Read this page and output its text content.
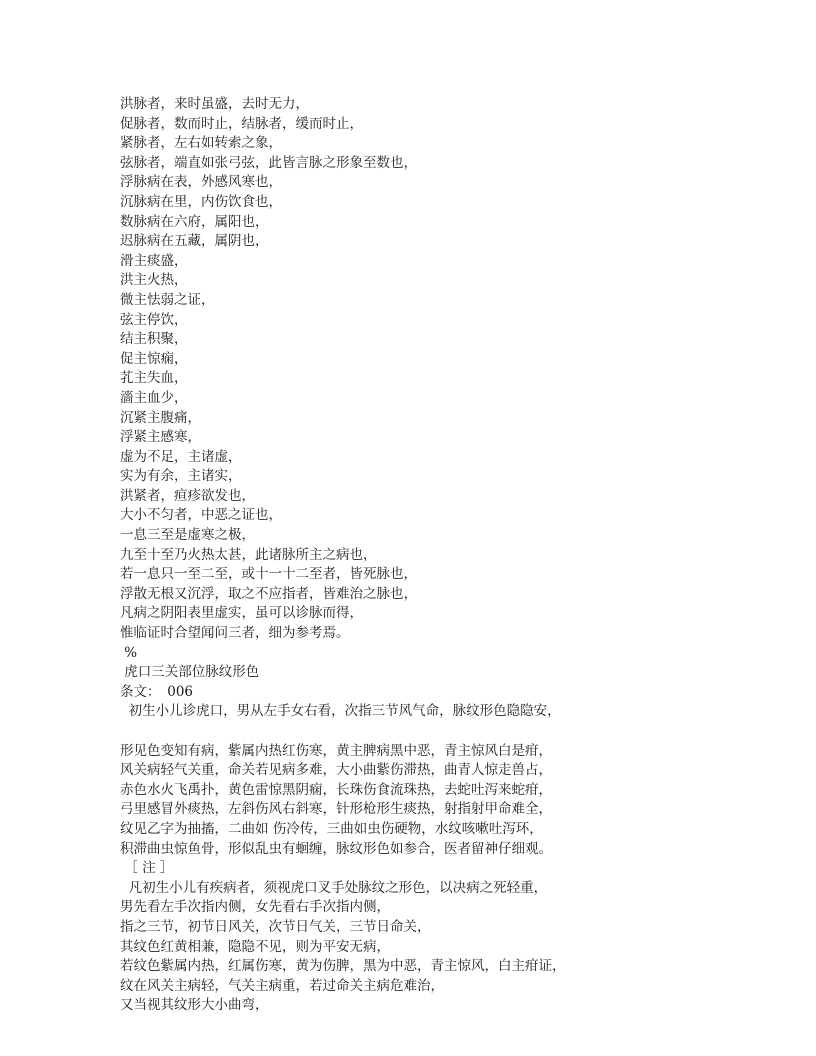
洪脉者，来时虽盛，去时无力，
促脉者，数而时止，结脉者，缓而时止，
紧脉者，左右如转索之象，
弦脉者，端直如张弓弦，此皆言脉之形象至数也，
浮脉病在表，外感风寒也，
沉脉病在里，内伤饮食也，
数脉病在六府，属阳也，
迟脉病在五藏，属阴也，
滑主痰盛，
洪主火热，
微主怯弱之证，
弦主停饮，
结主积聚，
促主惊痫，
芤主失血，
濇主血少，
沉紧主腹痛，
浮紧主感寒，
虚为不足，主诸虚，
实为有余，主诸实，
洪紧者，疸疹欲发也，
大小不匀者，中恶之证也，
一息三至是虚寒之极，
九至十至乃火热太甚，此诸脉所主之病也，
若一息只一至二至，或十一十二至者，皆死脉也，
浮散无根又沉浮，取之不应指者，皆难治之脉也，
凡病之阴阳表里虚实，虽可以诊脉而得，
惟临证时合望闻问三者，细为参考焉。
%
虎口三关部位脉纹形色
条文：　006
初生小儿诊虎口，男从左手女右看，次指三节风气命，脉纹形色隐隐安，
形见色变知有病，紫属内热红伤寒，黄主脾病黑中恶，青主惊风白是疳，
风关病轻气关重，命关若见病多难，大小曲紫伤滞热，曲青人惊走兽占，
赤色水火飞禹扑，黄色雷惊黑阴痫，长珠伤食流珠热，去蛇吐泻来蛇疳，
弓里感冒外痰热，左斜伤风右斜寒，针形枪形生痰热，射指射甲命难全，
纹见乙字为抽搐，二曲如 伤冷传，三曲如虫伤硬物，水纹咳嗽吐泻环，
积滞曲虫惊鱼骨，形似乱虫有蛔缠，脉纹形色如参合，医者留神仔细观。
［ 注 ］
凡初生小儿有疾病者，须视虎口叉手处脉纹之形色，以决病之死轻重，
男先看左手次指内侧，女先看右手次指内侧，
指之三节，初节日风关，次节日气关，三节日命关，
其纹色红黄相兼，隐隐不见，则为平安无病，
若纹色紫属内热，红属伤寒，黄为伤脾，黑为中恶，青主惊风，白主疳证，
纹在风关主病轻，气关主病重，若过命关主病危难治，
又当视其纹形大小曲弯，
